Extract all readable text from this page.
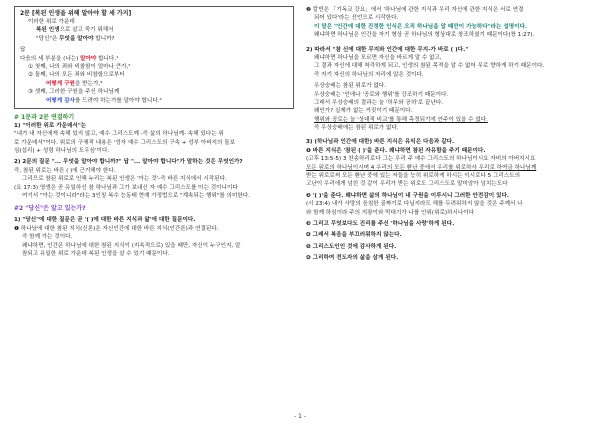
2문 [복된 인생을 위해 알아야 할 세 가지]
이러한 위로 가운데
복된 인생으로 살고 죽기 위해서
"당신"은 무엇을 알아야 합니까?
답
다음의 세 부분을 (나는) 알아야 합니다.¹
① 첫째, 나의 죄와 비참함이 얼마나 큰가,²
② 둘째, 나의 모든 죄와 비참함으로부터
어떻게 구원을 받는가,³
③ 셋째, 그러한 구원을 주신 하나님께
어떻게 감사를 드려야 하는가를 알아야 합니다.⁴
# 1문과 2문 연결하기
1) "이러한 위로 가운데서"는
"내가 내 자신에게 속해 있지 않고, 예수 그리스도께 -즉 삶의 하나님께- 속해 있다는 위
로 가운데서"이다. 위로의 구체적 내용은 '성자 예수 그리스도의 구속 + 성부 아버지의 돌보
심(섭리) + 성령 하나님의 도우심'이다.
2) 2문의 질문 "... 무엇을 알아야 합니까?" 답 "... 알아야 합니다"가 말하는 것은 무엇인가?
즉, 참된 위로는 바른 ( )에 근거해야 한다.
그리므로 참된 위로로 인해 누리는 복된 인생은 '아는 것'-즉 바른 지식에서 시작된다.
(요 17:3) 영생은 곧 유일하신 참 하나님과 그가 보내신 자 예수 그리스도를 아는 것이니이다
여기서 "아는 것이니라"라는 3인칭 복수 능동태 현재 가정법으로 "계속되는 행위"를 의미한다.
#2 "당신"은 알고 있는가?
1) "당신"에 대한 질문은 곧 '( )에 대한 바른 지식과 앎'에 대한 질문이다.
❶ 하나님에 대한 참된 지식(신론)은 자신인간에 대한 바른 지식(인간론)과 연결된다.
즉 함께 가는 것이다.
왜냐하면, 인간은 하나님에 대한 참된 지식이 (지속적으로) 있을 때만, 자신이 누구인지, 알
참되고 유일한 위로 가운데 복된 인생을 살 수 있기 때문이다.
❷ 칼빈은 「기독교 강요」에서 '하나님에 관한 지식과 우리 자신에 관한 지식은 서로 연결
되어 있다'라는 선언으로 시작한다.
이 말은 "인간에 대한 진정한 인식은 오직 하나님을 알 때만이 가능하다"라는 설명이다.
왜냐하면 하나님은 인간을 자기 형상 곧 하나님의 형상대로 창조하셨기 때문이다(창 1:27).
2) 따라서 "참 신에 대한 무지와 인간에 대한 무지-가 바로 ( )다."
왜냐하면 하나님을 모르면 자신을 바르게 알 수 없고,
그 결과 자신에 대해 착각하게 되고, 인생의 참된 목적을 알 수 없어 무로 향하게 하기 때문이다.
즉 자기 자신의 하나님의 자리에 앉은 것이다.
우상숭배는 참된 위로가 없다.
우상숭배는 '인애나 '공로와 행위'를 강조하기 때문이다.
그래서 우상숭배의 결과는 늘 '허무와 공허'로 끝난다.
왜인가? 실제가 없는 거짓이기 때문이다.
행위와 공로는 늘 '상대적 비교'를 통해 측정되기에 안주이 있을 수 없다.
즉 우상숭배에는 참된 위로가 없다.
3) (하나님과 인간에 대한) 바른 지식은 유익은 다음과 같다.
❶ 바른 지식은 '참된 ( )'을 준다. 왜냐하면 참된 자유함을 주기 때문이다.
(고후 13:5-5) 3 찬송하리로다 그는 우리 주 예수 그리스도의 하나님이시요 자비의 아버지시요
모든 위로의 하나님이시며 4 우리의 모든 환난 중에서 우리를 위로하사 우리로 하여금 하나님께
받는 위로로써 모든 환난 중에 있는 자들을 능히 위로하게 하시는 이시로다 5 그리스도의
고난이 우리에게 넘친 것 같이 우리가 받는 위로도 그리스도로 말미암아 넘치는도다
❷ '( )'을 준다. 왜냐하면 삶의 하나님이 내 구원을 이루시니 그러한 안전감이 있다.
(시 23:4) 내가 사망의 음침한 골짜기로 다닐지라도 해를 두려워하지 않을 것은 주께서 나
와 함께 하심이라 주의 지팡이와 막대기가 나를 안위(위로)하시나이다
❸ 그리고 무엇보다도 진리를 주신 '하나님을 사랑'하게 된다.
❹ 그래서 복음을 부끄러워하지 않는다.
❺ 그리스도인인 것에 감사하게 된다.
❻ 그리하여 전도자의 삶을 살게 된다.
- 1 -
